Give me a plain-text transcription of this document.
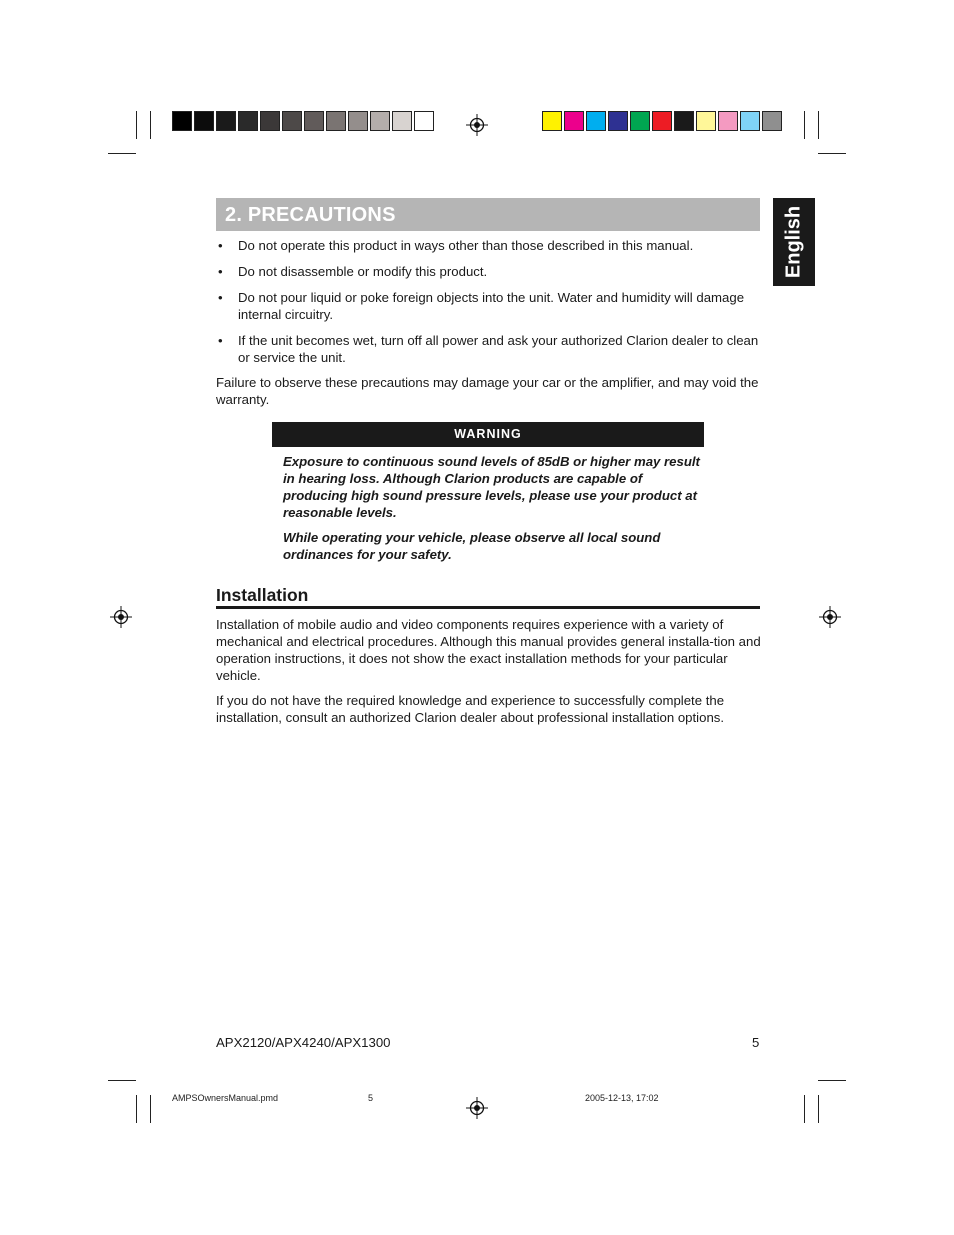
2. PRECAUTIONS	English
• Do not operate this product in ways other than those described in this manual.
• Do not disassemble or modify this product.
• Do not pour liquid or poke foreign objects into the unit. Water and humidity will damage internal circuitry.
• If the unit becomes wet, turn off all power and ask your authorized Clarion dealer to clean or service the unit.

Failure to observe these precautions may damage your car or the amplifier, and may void the warranty.

WARNING

Exposure to continuous sound levels of 85dB or higher may result in hearing loss. Although Clarion products are capable of producing high sound pressure levels, please use your product at reasonable levels.

While operating your vehicle, please observe all local sound ordinances for your safety.

Installation

Installation of mobile audio and video components requires experience with a variety of mechanical and electrical procedures. Although this manual provides general installa-tion and operation instructions, it does not show the exact installation methods for your particular vehicle.

If you do not have the required knowledge and experience to successfully complete the installation, consult an authorized Clarion dealer about professional installation options.

APX2120/APX4240/APX1300	5
AMPSOwnersManual.pmd	5	2005-12-13, 17:02
